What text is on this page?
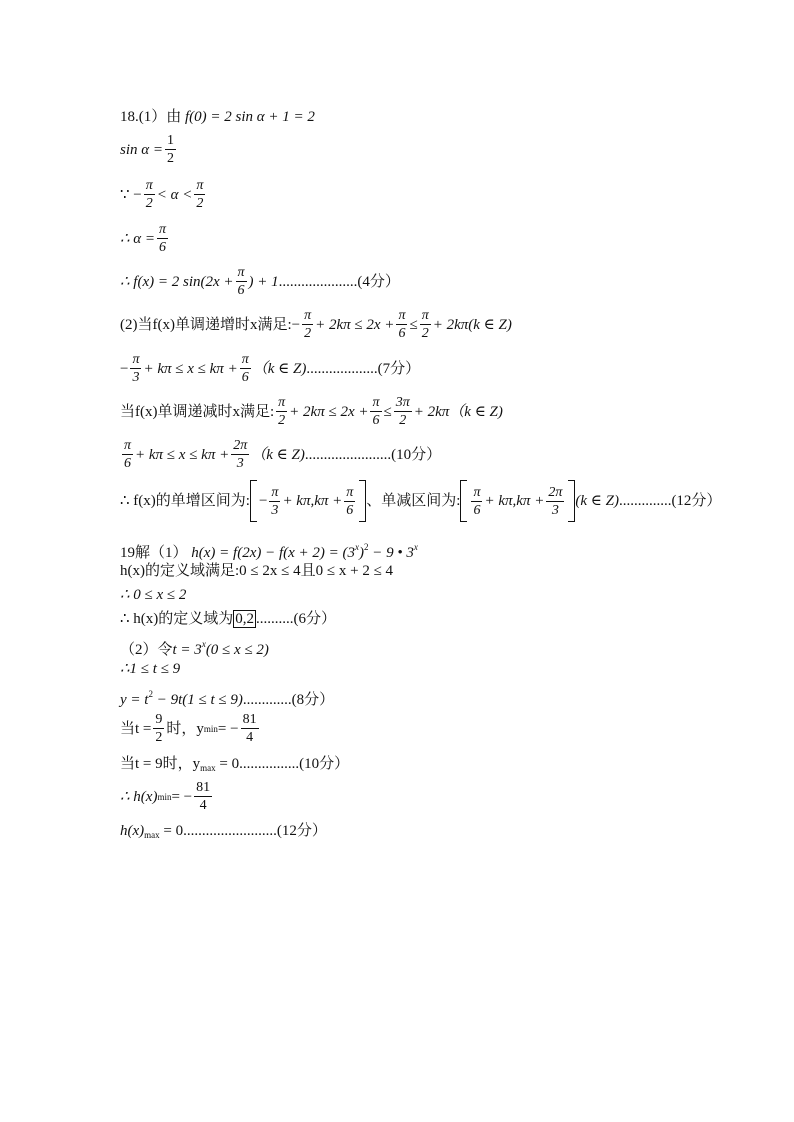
18.(1）由 f(0) = 2 sin α + 1 = 2
$\sin \alpha = \frac{1}{2}$
∵ − $\frac{\pi}{2} < \alpha < \frac{\pi}{2}$
∴ $\alpha = \frac{\pi}{6}$
∴ f(x) = 2 $\sin(2x + \frac{\pi}{6}$ ) + 1 .....................(4分）
(2)当f(x)单调递增时x满足:− $\frac{\pi}{2} + 2k\pi \le 2x + \frac{\pi}{6} \le \frac{\pi}{2} + 2k\pi(k$ ∈ Z)
− $\frac{\pi}{3} + k\pi \le x \le k\pi + \frac{\pi}{6} (k$ ∈ Z) ...................(7分）
当f(x)单调递减时x满足: $\frac{\pi}{2} + 2k\pi \le 2x + \frac{\pi}{6} \le \frac{3\pi}{2} + 2k\pi(k$ ∈ Z)
$\frac{\pi}{6} + k\pi \le x \le k\pi + \frac{2\pi}{3} (k$ ∈ Z) .......................(10分）
∴ f(x)的单增区间为: − $\frac{\pi}{3} + k\pi,k\pi + \frac{\pi}{6}$ 、单减区间为: $\frac{\pi}{6} + k\pi,k\pi + \frac{2\pi}{3} (k$ ∈ Z) ..............(12分）
19解（1） $h(x) = f(2x) - f(x + 2) = (3^x)^2 - 9$ • 3$^x$
h(x)的定义域满足:0 ≤ 2x ≤ 4且0 ≤ x + 2 ≤ 4
∴ 0 ≤ x ≤ 2
∴ h(x)的定义域为 0,2 ..........(6分）
（2）令$t = 3^x(0 \le x \le 2)$
∴1 ≤ t ≤ 9
$y = t^2 - 9t(1 \le t \le 9).............(8$分）
当$t = \frac{9}{2}$ 时，y min = − $\frac{81}{4}$
当t = 9时，$y_{max} = 0................(10$分）
∴ h(x) min = − $\frac{81}{4}$
$h(x)_{max} = 0.........................(12$分）
